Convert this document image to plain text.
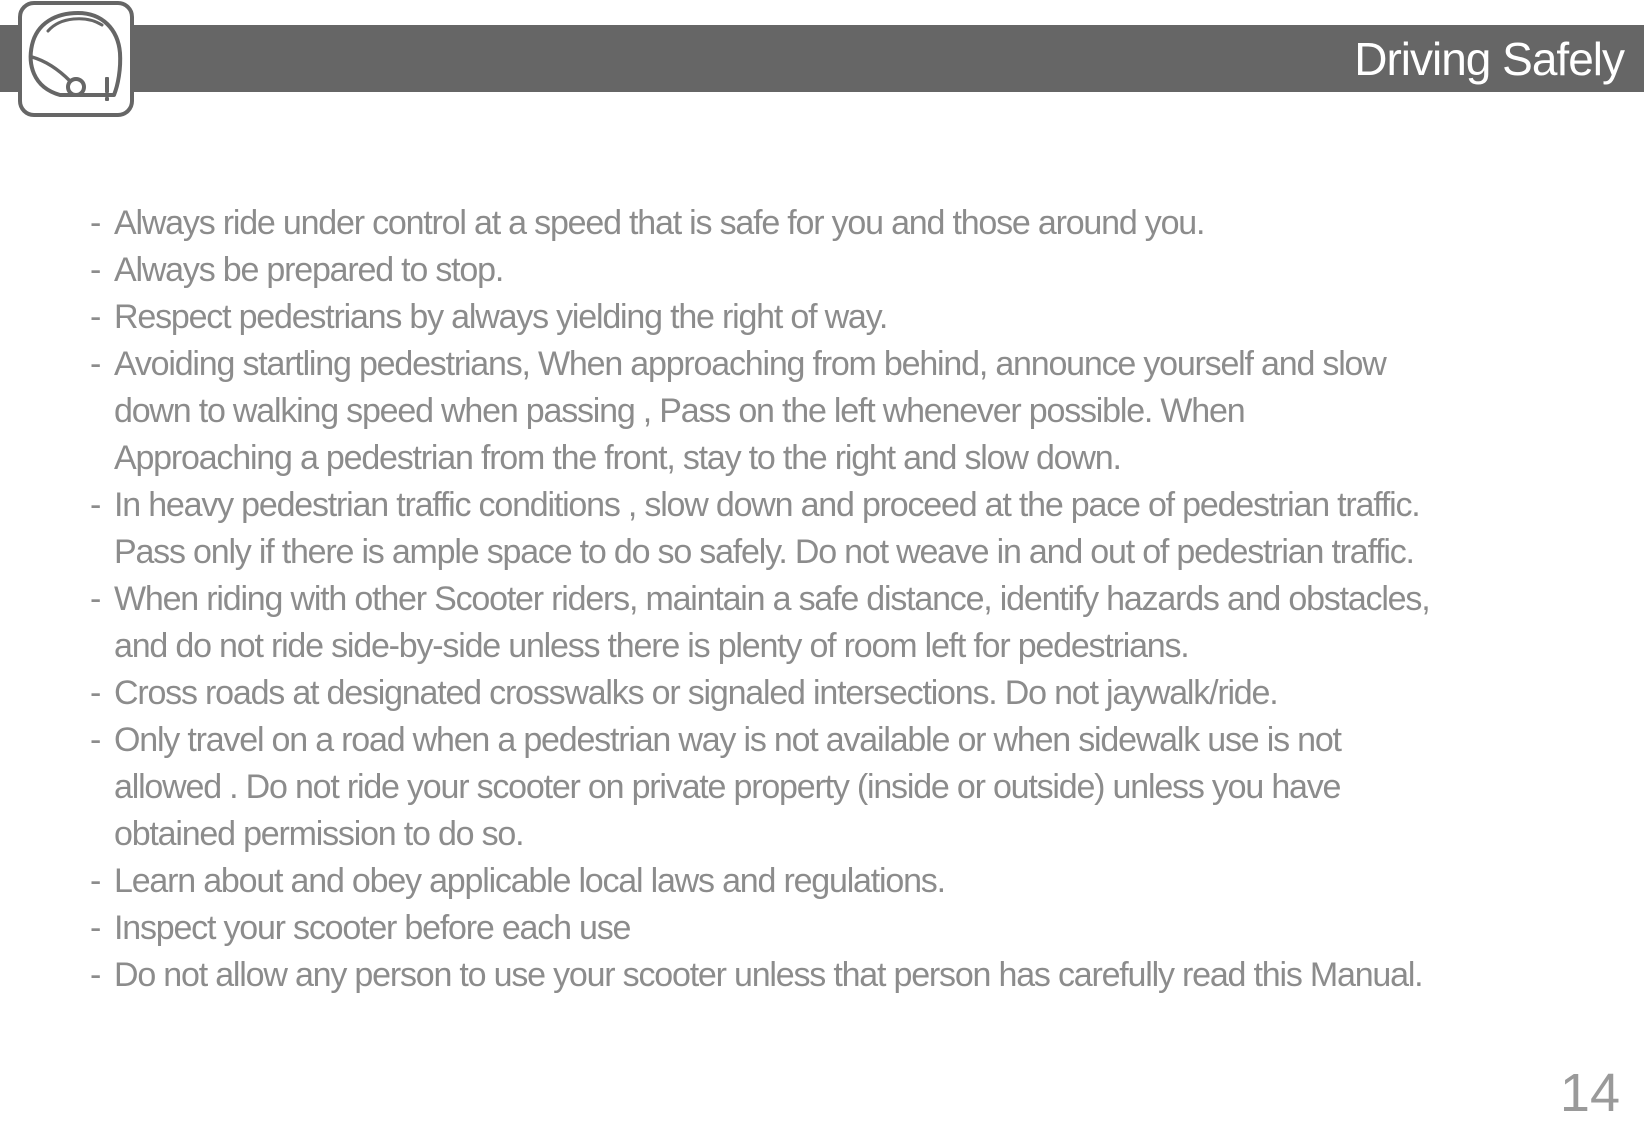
Driving Safely
- Always ride under control at a speed that is safe for you and those around you.
- Always be prepared to stop.
- Respect pedestrians by always yielding the right of way.
- Avoiding startling pedestrians, When approaching from behind, announce yourself and slow
down to walking speed when passing , Pass on the left whenever possible. When
Approaching a pedestrian from the front, stay to the right and slow down.
- In heavy pedestrian traffic conditions , slow down and proceed at the pace of pedestrian traffic.
Pass only if there is ample space to do so safely. Do not weave in and out of pedestrian traffic.
- When riding with other Scooter riders, maintain a safe distance, identify hazards and obstacles,
and do not ride side-by-side unless there is plenty of room left for pedestrians.
- Cross roads at designated crosswalks or signaled intersections. Do not jaywalk/ride.
- Only travel on a road when a pedestrian way is not available or when sidewalk use is not
allowed . Do not ride your scooter on private property (inside or outside) unless you have
obtained permission to do so.
- Learn about and obey applicable local laws and regulations.
- Inspect your scooter before each use
- Do not allow any person to use your scooter unless that person has carefully read this Manual.
14
